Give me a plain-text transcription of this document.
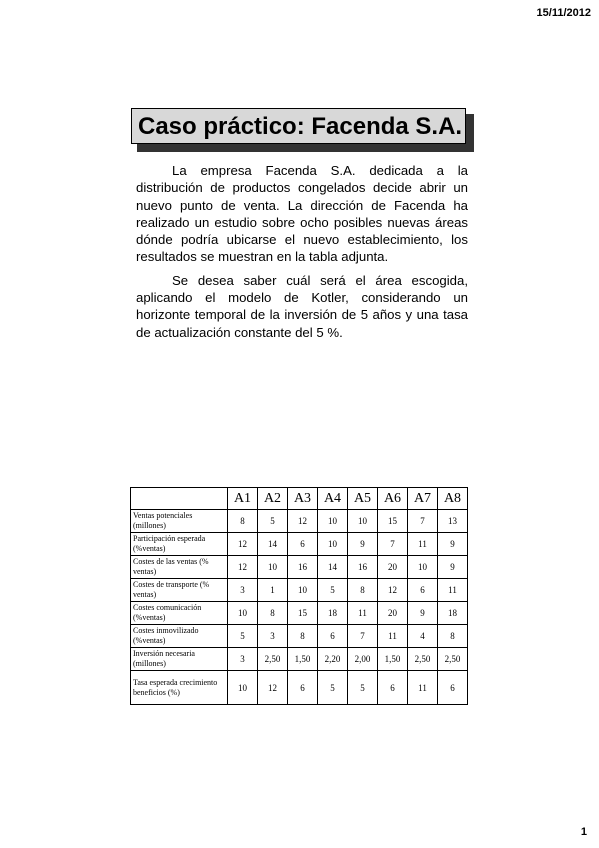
15/11/2012
Caso práctico: Facenda S.A.

La empresa Facenda S.A. dedicada a la distribución de productos congelados decide abrir un nuevo punto de venta. La dirección de Facenda ha realizado un estudio sobre ocho posibles nuevas áreas dónde podría ubicarse el nuevo establecimiento, los resultados se muestran en la tabla adjunta.

Se desea saber cuál será el área escogida, aplicando el modelo de Kotler, considerando un horizonte temporal de la inversión de 5 años y una tasa de actualización constante del 5 %.

	A1	A2	A3	A4	A5	A6	A7	A8
Ventas potenciales (millones)	8	5	12	10	10	15	7	13
Participación esperada (%ventas)	12	14	6	10	9	7	11	9
Costes de las ventas (% ventas)	12	10	16	14	16	20	10	9
Costes de transporte (% ventas)	3	1	10	5	8	12	6	11
Costes comunicación (%ventas)	10	8	15	18	11	20	9	18
Costes inmovilizado (%ventas)	5	3	8	6	7	11	4	8
Inversión necesaria (millones)	3	2,50	1,50	2,20	2,00	1,50	2,50	2,50
Tasa esperada crecimiento beneficios (%)	10	12	6	5	5	6	11	6
1
